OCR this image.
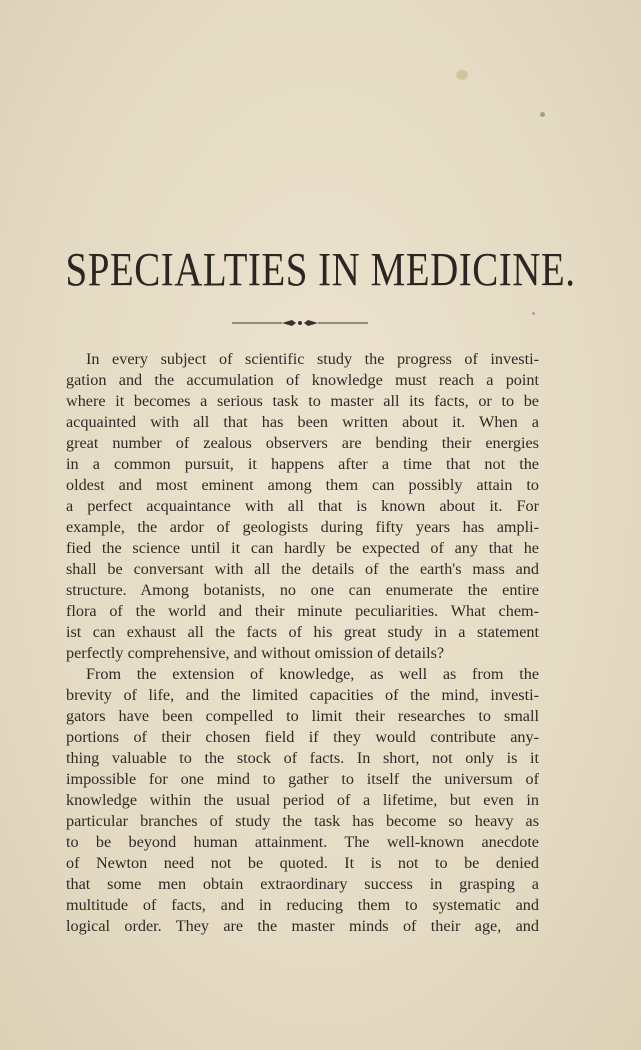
SPECIALTIES IN MEDICINE.
In every subject of scientific study the progress of investi-
gation and the accumulation of knowledge must reach a point
where it becomes a serious task to master all its facts, or to be
acquainted with all that has been written about it. When a
great number of zealous observers are bending their energies
in a common pursuit, it happens after a time that not the
oldest and most eminent among them can possibly attain to
a perfect acquaintance with all that is known about it. For
example, the ardor of geologists during fifty years has ampli-
fied the science until it can hardly be expected of any that he
shall be conversant with all the details of the earth's mass and
structure. Among botanists, no one can enumerate the entire
flora of the world and their minute peculiarities. What chem-
ist can exhaust all the facts of his great study in a statement
perfectly comprehensive, and without omission of details?
From the extension of knowledge, as well as from the
brevity of life, and the limited capacities of the mind, investi-
gators have been compelled to limit their researches to small
portions of their chosen field if they would contribute any-
thing valuable to the stock of facts. In short, not only is it
impossible for one mind to gather to itself the universum of
knowledge within the usual period of a lifetime, but even in
particular branches of study the task has become so heavy as
to be beyond human attainment. The well-known anecdote
of Newton need not be quoted. It is not to be denied
that some men obtain extraordinary success in grasping a
multitude of facts, and in reducing them to systematic and
logical order. They are the master minds of their age, and
